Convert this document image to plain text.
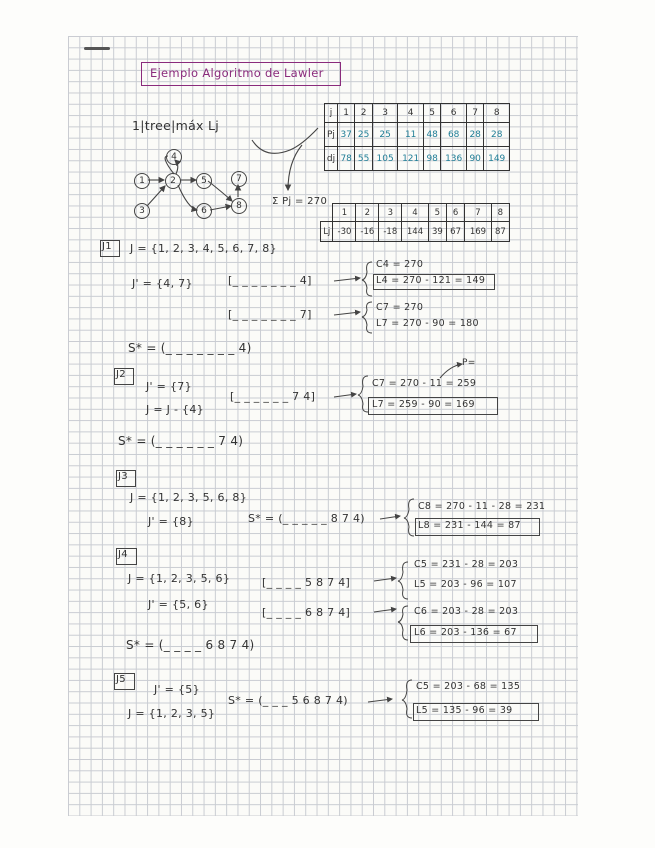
Ejemplo Algoritmo de Lawler
1|tree|máx Lj
1	2
3
4
5
6
7
8
j	1	2	3	4	5	6	7	8
Pj	37	25	25	11	48	68	28	28
dj	78	55	105	121	98	136	90	149
Σ Pj = 270
	1	2	3	4	5	6	7	8
Lj	-30	-16	-18	144	39	67	169	87
J1 J = {1, 2, 3, 4, 5, 6, 7, 8}
J' = {4, 7}	[_ _ _ _ _ _ _ 4]
C4 = 270
L4 = 270 - 121 = 149
[_ _ _ _ _ _ _ 7]
C7 = 270
L7 = 270 - 90 = 180
S* = (_ _ _ _ _ _ _ 4)
J2
J' = {7}
J = J - {4}
[_ _ _ _ _ _ 7 4]
P=
C7 = 270 - 11 = 259
L7 = 259 - 90 = 169
S* = (_ _ _ _ _ _ 7 4)
J3
J = {1, 2, 3, 5, 6, 8}
J' = {8}	S* = (_ _ _ _ _ 8 7 4)
C8 = 270 - 11 - 28 = 231
L8 = 231 - 144 = 87
J4
J = {1, 2, 3, 5, 6}
J' = {5, 6}
[_ _ _ _ 5 8 7 4]
C5 = 231 - 28 = 203
L5 = 203 - 96 = 107
[_ _ _ _ 6 8 7 4]	C6 = 203 - 28 = 203
L6 = 203 - 136 = 67
S* = (_ _ _ _ 6 8 7 4)
J5
J' = {5}
J = {1, 2, 3, 5}
S* = (_ _ _ 5 6 8 7 4)
C5 = 203 - 68 = 135
L5 = 135 - 96 = 39
